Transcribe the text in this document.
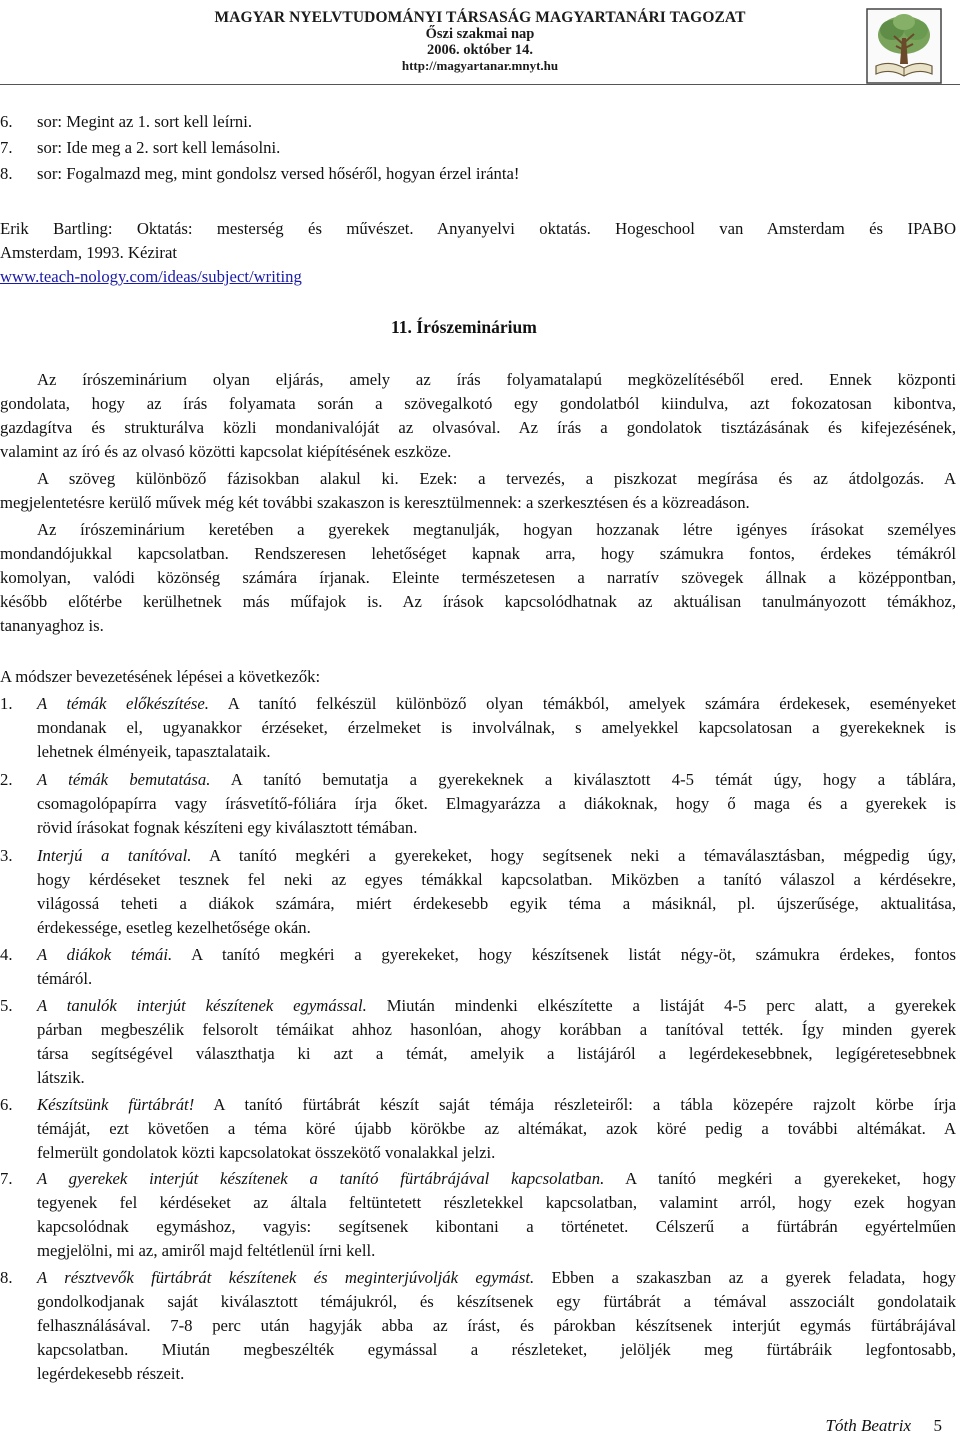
MAGYAR NYELVTUDOMÁNYI TÁRSASÁG MAGYARTANÁRI TAGOZAT
Őszi szakmai nap
2006. október 14.
http://magyartanar.mnyt.hu
6. sor: Megint az 1. sort kell leírni.
7. sor: Ide meg a 2. sort kell lemásolni.
8. sor: Fogalmazd meg, mint gondolsz versed hőséről, hogyan érzel iránta!
Erik Bartling: Oktatás: mesterség és művészet. Anyanyelvi oktatás. Hogeschool van Amsterdam és IPABO
Amsterdam, 1993. Kézirat
www.teach-nology.com/ideas/subject/writing
11. Írószeminárium
Az írószeminárium olyan eljárás, amely az írás folyamatalapú megközelítéséből ered. Ennek központi
gondolata, hogy az írás folyamata során a szövegalkotó egy gondolatból kiindulva, azt fokozatosan kibontva,
gazdagítva és strukturálva közli mondanivalóját az olvasóval. Az írás a gondolatok tisztázásának és kifejezésének,
valamint az író és az olvasó közötti kapcsolat kiépítésének eszköze.
A szöveg különböző fázisokban alakul ki. Ezek: a tervezés, a piszkozat megírása és az átdolgozás. A
megjelentetésre kerülő művek még két további szakaszon is keresztülmennek: a szerkesztésen és a közreadáson.
Az írószeminárium keretében a gyerekek megtanulják, hogyan hozzanak létre igényes írásokat személyes
mondandójukkal kapcsolatban. Rendszeresen lehetőséget kapnak arra, hogy számukra fontos, érdekes témákról
komolyan, valódi közönség számára írjanak. Eleinte természetesen a narratív szövegek állnak a középpontban,
később előtérbe kerülhetnek más műfajok is. Az írások kapcsolódhatnak az aktuálisan tanulmányozott témákhoz,
tananyaghoz is.
A módszer bevezetésének lépései a következők:
1. A témák előkészítése. A tanító felkészül különböző olyan témákból, amelyek számára érdekesek, eseményeket
mondanak el, ugyanakkor érzéseket, érzelmeket is involválnak, s amelyekkel kapcsolatosan a gyerekeknek is
lehetnek élményeik, tapasztalataik.
2. A témák bemutatása. A tanító bemutatja a gyerekeknek a kiválasztott 4-5 témát úgy, hogy a táblára,
csomagolópapírra vagy írásvetítő-fóliára írja őket. Elmagyarázza a diákoknak, hogy ő maga és a gyerekek is
rövid írásokat fognak készíteni egy kiválasztott témában.
3. Interjú a tanítóval. A tanító megkéri a gyerekeket, hogy segítsenek neki a témaválasztásban, mégpedig úgy,
hogy kérdéseket tesznek fel neki az egyes témákkal kapcsolatban. Miközben a tanító válaszol a kérdésekre,
világossá teheti a diákok számára, miért érdekesebb egyik téma a másiknál, pl. újszerűsége, aktualitása,
érdekessége, esetleg kezelhetősége okán.
4. A diákok témái. A tanító megkéri a gyerekeket, hogy készítsenek listát négy-öt, számukra érdekes, fontos
témáról.
5. A tanulók interjút készítenek egymással. Miután mindenki elkészítette a listáját 4-5 perc alatt, a gyerekek
párban megbeszélik felsorolt témáikat ahhoz hasonlóan, ahogy korábban a tanítóval tették. Így minden gyerek
társa segítségével választhatja ki azt a témát, amelyik a listájáról a legérdekesebbnek, legígéretesebbnek
látszik.
6. Készítsünk fürtábrát! A tanító fürtábrát készít saját témája részleteiről: a tábla közepére rajzolt körbe írja
témáját, ezt követően a téma köré újabb körökbe az altémákat, azok köré pedig a további altémákat. A
felmerült gondolatok közti kapcsolatokat összekötő vonalakkal jelzi.
7. A gyerekek interjút készítenek a tanító fürtábrájával kapcsolatban. A tanító megkéri a gyerekeket, hogy
tegyenek fel kérdéseket az általa feltüntetett részletekkel kapcsolatban, valamint arról, hogy ezek hogyan
kapcsolódnak egymáshoz, vagyis: segítsenek kibontani a történetet. Célszerű a fürtábrán egyértelműen
megjelölni, mi az, amiről majd feltétlenül írni kell.
8. A résztvevők fürtábrát készítenek és meginterjúvolják egymást. Ebben a szakaszban az a gyerek feladata, hogy
gondolkodjanak saját kiválasztott témájukról, és készítsenek egy fürtábrát a témával asszociált gondolataik
felhasználásával. 7-8 perc után hagyják abba az írást, és párokban készítsenek interjút egymás fürtábrájával
kapcsolatban. Miután megbeszélték egymással a részleteket, jelöljék meg fürtábráik legfontosabb,
legérdekesebb részeit.
Tóth Beatrix 5
